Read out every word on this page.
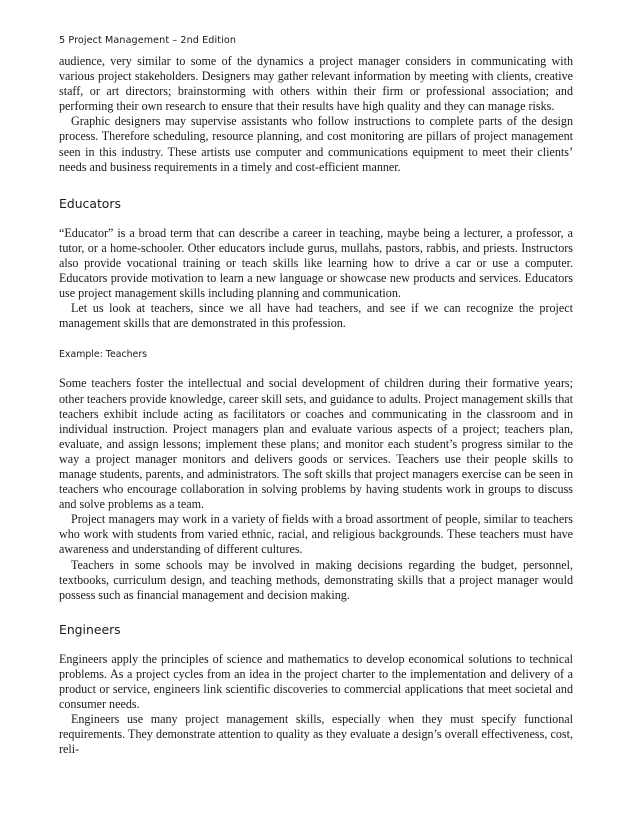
5 Project Management – 2nd Edition

audience, very similar to some of the dynamics a project manager considers in communicating with various project stakeholders. Designers may gather relevant information by meeting with clients, creative staff, or art directors; brainstorming with others within their firm or professional association; and performing their own research to ensure that their results have high quality and they can manage risks.

Graphic designers may supervise assistants who follow instructions to complete parts of the design process. Therefore scheduling, resource planning, and cost monitoring are pillars of project management seen in this industry. These artists use computer and communications equipment to meet their clients’ needs and business requirements in a timely and cost-efficient manner.

Educators

“Educator” is a broad term that can describe a career in teaching, maybe being a lecturer, a professor, a tutor, or a home-schooler. Other educators include gurus, mullahs, pastors, rabbis, and priests. Instructors also provide vocational training or teach skills like learning how to drive a car or use a computer. Educators provide motivation to learn a new language or showcase new products and services. Educators use project management skills including planning and communication.

Let us look at teachers, since we all have had teachers, and see if we can recognize the project management skills that are demonstrated in this profession.

Example: Teachers

Some teachers foster the intellectual and social development of children during their formative years; other teachers provide knowledge, career skill sets, and guidance to adults. Project management skills that teachers exhibit include acting as facilitators or coaches and communicating in the classroom and in individual instruction. Project managers plan and evaluate various aspects of a project; teachers plan, evaluate, and assign lessons; implement these plans; and monitor each student’s progress similar to the way a project manager monitors and delivers goods or services. Teachers use their people skills to manage students, parents, and administrators. The soft skills that project managers exercise can be seen in teachers who encourage collaboration in solving problems by having students work in groups to discuss and solve problems as a team.

Project managers may work in a variety of fields with a broad assortment of people, similar to teachers who work with students from varied ethnic, racial, and religious backgrounds. These teachers must have awareness and understanding of different cultures.

Teachers in some schools may be involved in making decisions regarding the budget, personnel, textbooks, curriculum design, and teaching methods, demonstrating skills that a project manager would possess such as financial management and decision making.

Engineers

Engineers apply the principles of science and mathematics to develop economical solutions to technical problems. As a project cycles from an idea in the project charter to the implementation and delivery of a product or service, engineers link scientific discoveries to commercial applications that meet societal and consumer needs.

Engineers use many project management skills, especially when they must specify functional requirements. They demonstrate attention to quality as they evaluate a design’s overall effectiveness, cost, reli-
